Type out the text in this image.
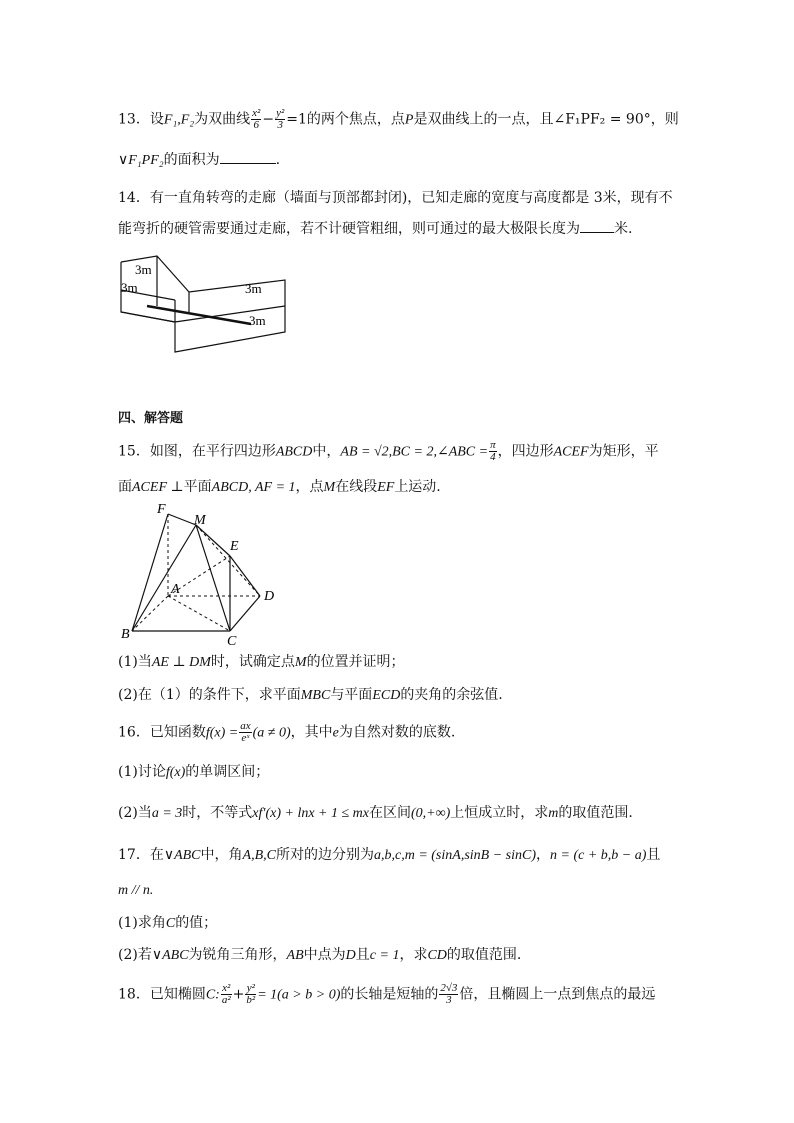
13．设F₁,F₂为双曲线 $\frac{\text{x²}}{6} - \frac{\text{y²}}{3} =1$的两个焦点，点P是双曲线上的一点，且∠F₁PF₂ = 90°，则
∨F₁PF₂的面积为	.
14．有一直角转弯的走廊（墙面与顶部都封闭)，已知走廊的宽度与高度都是 3米，现有不
能弯折的硬管需要通过走廊，若不计硬管粗细，则可通过的最大极限长度为 米.
3m
3m	3m
3m
四、解答题
15．如图，在平行四边形ABCD中，AB = √2,BC = 2,∠ABC = $\frac{\pi}{4}$ ，四边形ACEF为矩形，平
面ACEF ⊥平面ABCD, AF = 1，点M在线段EF上运动.
F
M
E
A	D
B	C
(1)当AE ⊥ DM时，试确定点M的位置并证明；
(2)在（1）的条件下，求平面MBC与平面ECD的夹角的余弦值.
16．已知函数$f(x) = \frac{ax}{\text{eˣ}} (a \ne 0)$，其中e为自然对数的底数.
(1)讨论f(x)的单调区间；
(2)当a = 3时，不等式xf′(x) + lnx + 1 ≤ mx在区间(0,+∞)上恒成立时，求m的取值范围.
17．在∨ABC中，角A,B,C所对的边分别为a,b,c,m = (sinA,sinB − sinC)，n = (c + b,b − a)且
m // n.
(1)求角C的值；
(2)若∨ABC为锐角三角形，AB中点为D且c = 1，求CD的取值范围.
18．已知椭圆C: $\frac{\text{x²}}{\text{a²}} + \frac{\text{y²}}{\text{b²}} = 1(a > b > 0)$的长轴是短轴的 $\frac{2√3}{3}$ 倍，且椭圆上一点到焦点的最远
